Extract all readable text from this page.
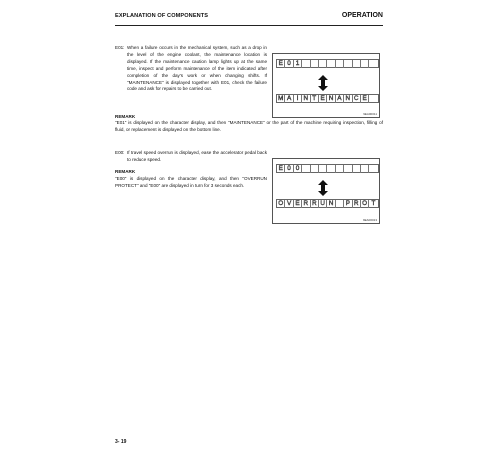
EXPLANATION OF COMPONENTS	OPERATION
E01: When a failure occurs in the mechanical system, such as a drop in the level of the engine coolant, the maintenance location is displayed. If the maintenance caution lamp lights up at the same time, inspect and perform maintenance of the item indicated after completion of the day's work or when changing shifts. If "MAINTENANCE" is displayed together with E01, check the failure code and ask for repairs to be carried out.
REMARK
"E01" is displayed on the character display, and then "MAINTENANCE" or the part of the machine requiring inspection, filling of fluid, or replacement is displayed on the bottom line.
E 0 1
M A I N T E N A N C E
9EA00011
E00: If travel speed overrun is displayed, ease the accelerator pedal back to reduce speed.
REMARK
"E00" is displayed on the character display, and then "OVERRUN PROTECT" and "E00" are displayed in turn for 3 seconds each.
E 0 0
O V E R R U N	P R O T
9EA00013
3- 19
